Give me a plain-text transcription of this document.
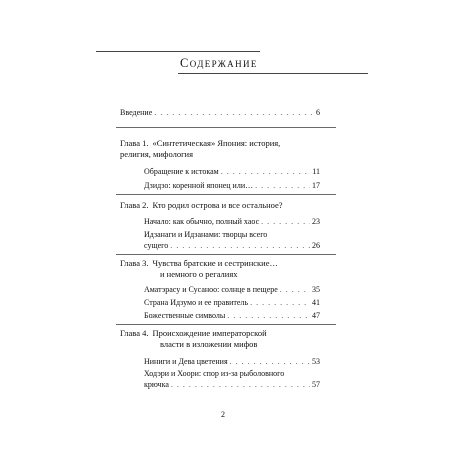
Содержание
Введение . . .	6
Глава 1. «Синтетическая» Япония: история,
религия, мифология
Обращение к истокам . . .	11
Дзидзо: коренной японец или… . . .	17
Глава 2. Кто родил острова и все остальное?
Начало: как обычно, полный хаос . . .	23
Идзанаги и Идзанами: творцы всего
сущего . . .	26
Глава 3. Чувства братские и сестринские…
и немного о регалиях
Аматэрасу и Сусаноо: солнце в пещере . . .	35
Страна Идзумо и ее правитель . . .	41
Божественные символы . . .	47
Глава 4. Происхождение императорской
власти в изложении мифов
Ниниги и Дева цветения . . .	53
Ходэри и Хоори: спор из-за рыболовного
крючка . . .	57
2
